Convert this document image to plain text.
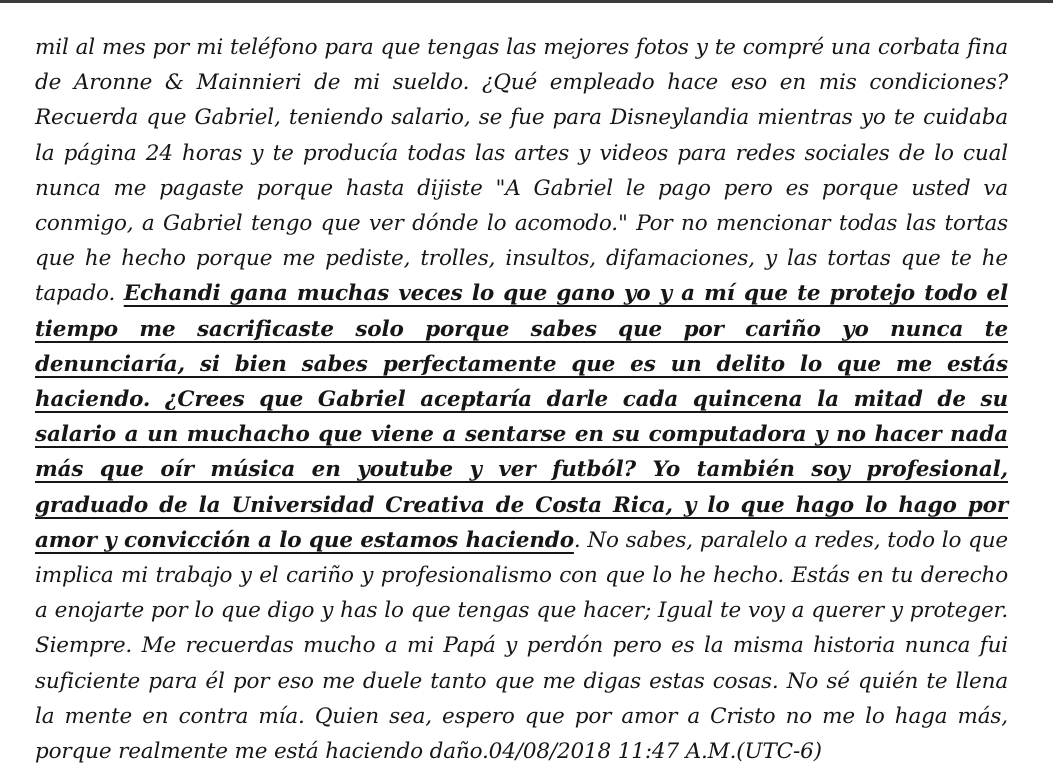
mil al mes por mi teléfono para que tengas las mejores fotos y te compré una corbata fina de Aronne & Mainnieri de mi sueldo. ¿Qué empleado hace eso en mis condiciones? Recuerda que Gabriel, teniendo salario, se fue para Disneylandia mientras yo te cuidaba la página 24 horas y te producía todas las artes y videos para redes sociales de lo cual nunca me pagaste porque hasta dijiste "A Gabriel le pago pero es porque usted va conmigo, a Gabriel tengo que ver dónde lo acomodo." Por no mencionar todas las tortas que he hecho porque me pediste, trolles, insultos, difamaciones, y las tortas que te he tapado. Echandi gana muchas veces lo que gano yo y a mí que te protejo todo el tiempo me sacrificaste solo porque sabes que por cariño yo nunca te denunciaría, si bien sabes perfectamente que es un delito lo que me estás haciendo. ¿Crees que Gabriel aceptaría darle cada quincena la mitad de su salario a un muchacho que viene a sentarse en su computadora y no hacer nada más que oír música en youtube y ver futból? Yo también soy profesional, graduado de la Universidad Creativa de Costa Rica, y lo que hago lo hago por amor y convicción a lo que estamos haciendo. No sabes, paralelo a redes, todo lo que implica mi trabajo y el cariño y profesionalismo con que lo he hecho. Estás en tu derecho a enojarte por lo que digo y has lo que tengas que hacer; Igual te voy a querer y proteger. Siempre. Me recuerdas mucho a mi Papá y perdón pero es la misma historia nunca fui suficiente para él por eso me duele tanto que me digas estas cosas. No sé quién te llena la mente en contra mía. Quien sea, espero que por amor a Cristo no me lo haga más, porque realmente me está haciendo daño.04/08/2018 11:47 A.M.(UTC-6)
